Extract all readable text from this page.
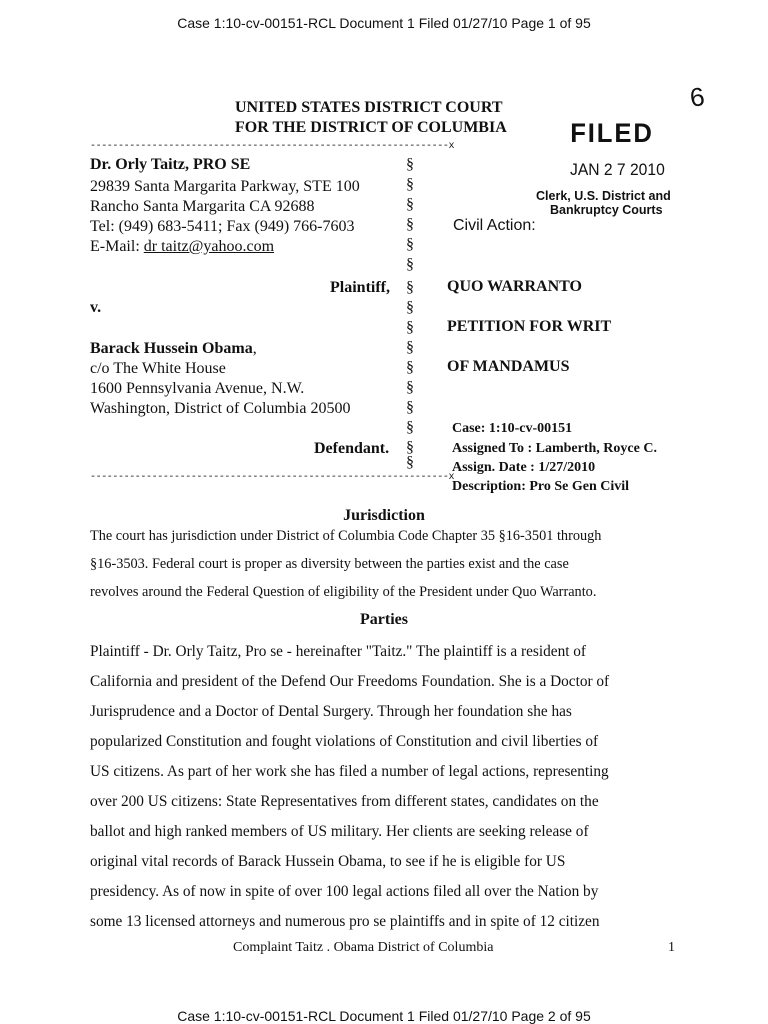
Case 1:10-cv-00151-RCL Document 1 Filed 01/27/10 Page 1 of 95
6
UNITED STATES DISTRICT COURT
FOR THE DISTRICT OF COLUMBIA FILED
JAN 2 7 2010
Clerk, U.S. District and
Bankruptcy Courts
----------------------------------------------------------------x
Dr. Orly Taitz, PRO SE
29839 Santa Margarita Parkway, STE 100
Rancho Santa Margarita CA 92688
Tel: (949) 683-5411; Fax (949) 766-7603
E-Mail: dr taitz@yahoo.com
Plaintiff,
v.
Barack Hussein Obama,
c/o The White House
1600 Pennsylvania Avenue, N.W.
Washington, District of Columbia 20500
Defendant.
§
§
§
§
§
§
§
§
§
§
§
§
§
§
§
§
----------------------------------------------------------------x
Civil Action:
QUO WARRANTO
PETITION FOR WRIT
OF MANDAMUS
Case: 1:10-cv-00151
Assigned To : Lamberth, Royce C.
Assign. Date : 1/27/2010
Description: Pro Se Gen Civil
Jurisdiction
The court has jurisdiction under District of Columbia Code Chapter 35 §16-3501 through
§16-3503. Federal court is proper as diversity between the parties exist and the case
revolves around the Federal Question of eligibility of the President under Quo Warranto.
Parties
Plaintiff - Dr. Orly Taitz, Pro se - hereinafter "Taitz." The plaintiff is a resident of
California and president of the Defend Our Freedoms Foundation. She is a Doctor of
Jurisprudence and a Doctor of Dental Surgery. Through her foundation she has
popularized Constitution and fought violations of Constitution and civil liberties of
US citizens. As part of her work she has filed a number of legal actions, representing
over 200 US citizens: State Representatives from different states, candidates on the
ballot and high ranked members of US military. Her clients are seeking release of
original vital records of Barack Hussein Obama, to see if he is eligible for US
presidency. As of now in spite of over 100 legal actions filed all over the Nation by
some 13 licensed attorneys and numerous pro se plaintiffs and in spite of 12 citizen
Complaint Taitz . Obama District of Columbia	1
Case 1:10-cv-00151-RCL Document 1 Filed 01/27/10 Page 2 of 95
